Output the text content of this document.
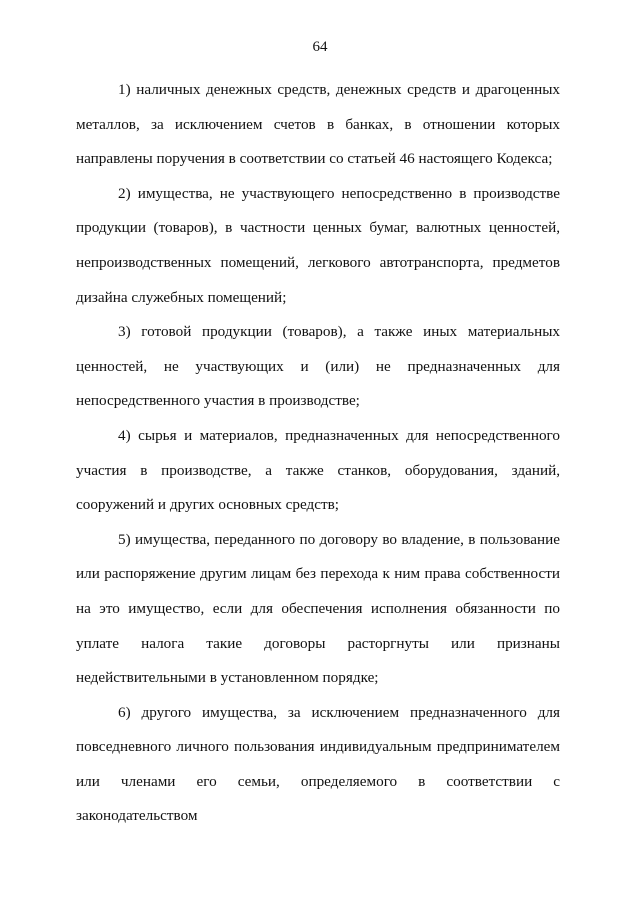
64

1) наличных денежных средств, денежных средств и драгоценных металлов, за исключением счетов в банках, в отношении которых направлены поручения в соответствии со статьей 46 настоящего Кодекса;

2) имущества, не участвующего непосредственно в производстве продукции (товаров), в частности ценных бумаг, валютных ценностей, непроизводственных помещений, легкового автотранспорта, предметов дизайна служебных помещений;

3) готовой продукции (товаров), а также иных материальных ценностей, не участвующих и (или) не предназначенных для непосредственного участия в производстве;

4) сырья и материалов, предназначенных для непосредственного участия в производстве, а также станков, оборудования, зданий, сооружений и других основных средств;

5) имущества, переданного по договору во владение, в пользование или распоряжение другим лицам без перехода к ним права собственности на это имущество, если для обеспечения исполнения обязанности по уплате налога такие договоры расторгнуты или признаны недействительными в установленном порядке;

6) другого имущества, за исключением предназначенного для повседневного личного пользования индивидуальным предпринимателем или членами его семьи, определяемого в соответствии с законодательством
